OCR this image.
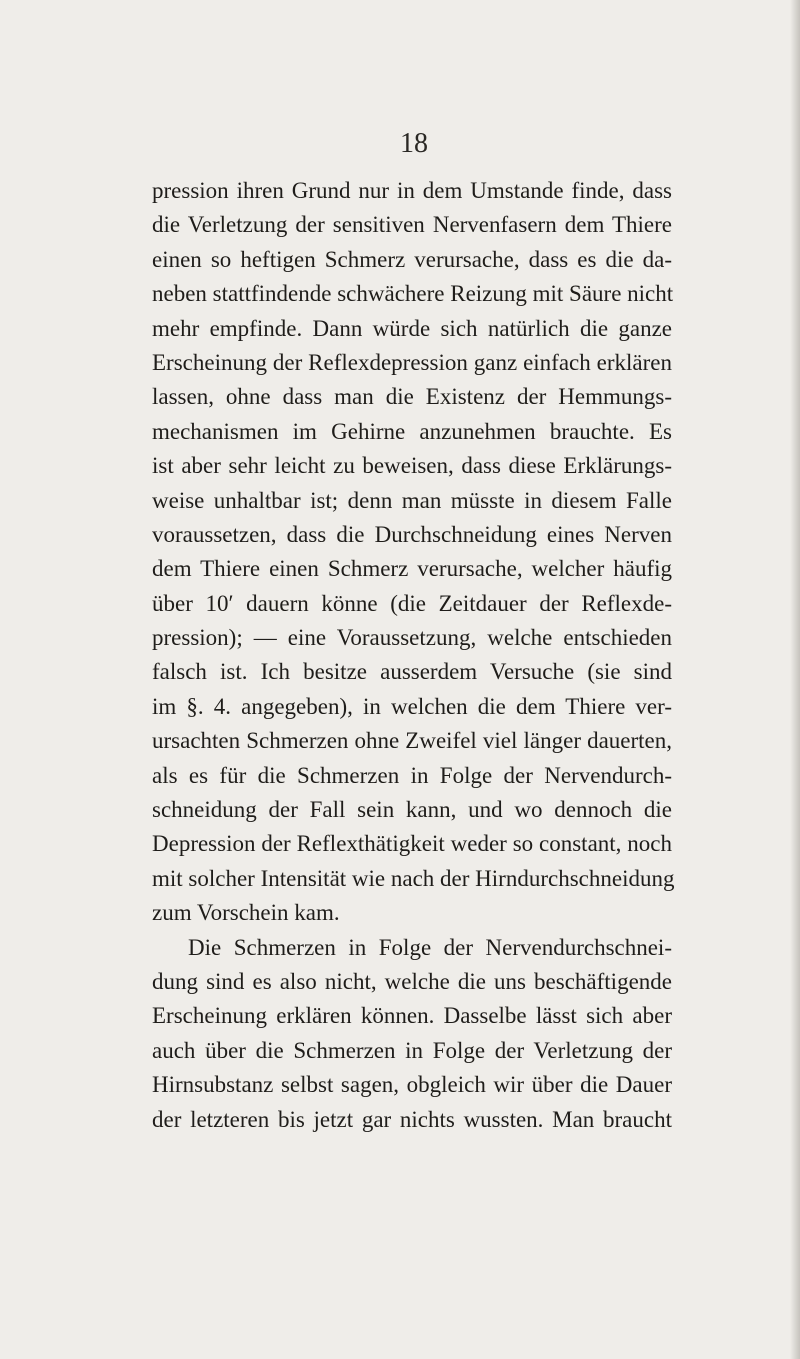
18
pression ihren Grund nur in dem Umstande finde, dass
die Verletzung der sensitiven Nervenfasern dem Thiere
einen so heftigen Schmerz verursache, dass es die da-
neben stattfindende schwächere Reizung mit Säure nicht
mehr empfinde. Dann würde sich natürlich die ganze
Erscheinung der Reflexdepression ganz einfach erklären
lassen, ohne dass man die Existenz der Hemmungs-
mechanismen im Gehirne anzunehmen brauchte. Es
ist aber sehr leicht zu beweisen, dass diese Erklärungs-
weise unhaltbar ist; denn man müsste in diesem Falle
voraussetzen, dass die Durchschneidung eines Nerven
dem Thiere einen Schmerz verursache, welcher häufig
über 10′ dauern könne (die Zeitdauer der Reflexde-
pression); — eine Voraussetzung, welche entschieden
falsch ist. Ich besitze ausserdem Versuche (sie sind
im §. 4. angegeben), in welchen die dem Thiere ver-
ursachten Schmerzen ohne Zweifel viel länger dauerten,
als es für die Schmerzen in Folge der Nervendurch-
schneidung der Fall sein kann, und wo dennoch die
Depression der Reflexthätigkeit weder so constant, noch
mit solcher Intensität wie nach der Hirndurchschneidung
zum Vorschein kam.
Die Schmerzen in Folge der Nervendurchschnei-
dung sind es also nicht, welche die uns beschäftigende
Erscheinung erklären können. Dasselbe lässt sich aber
auch über die Schmerzen in Folge der Verletzung der
Hirnsubstanz selbst sagen, obgleich wir über die Dauer
der letzteren bis jetzt gar nichts wussten. Man braucht
